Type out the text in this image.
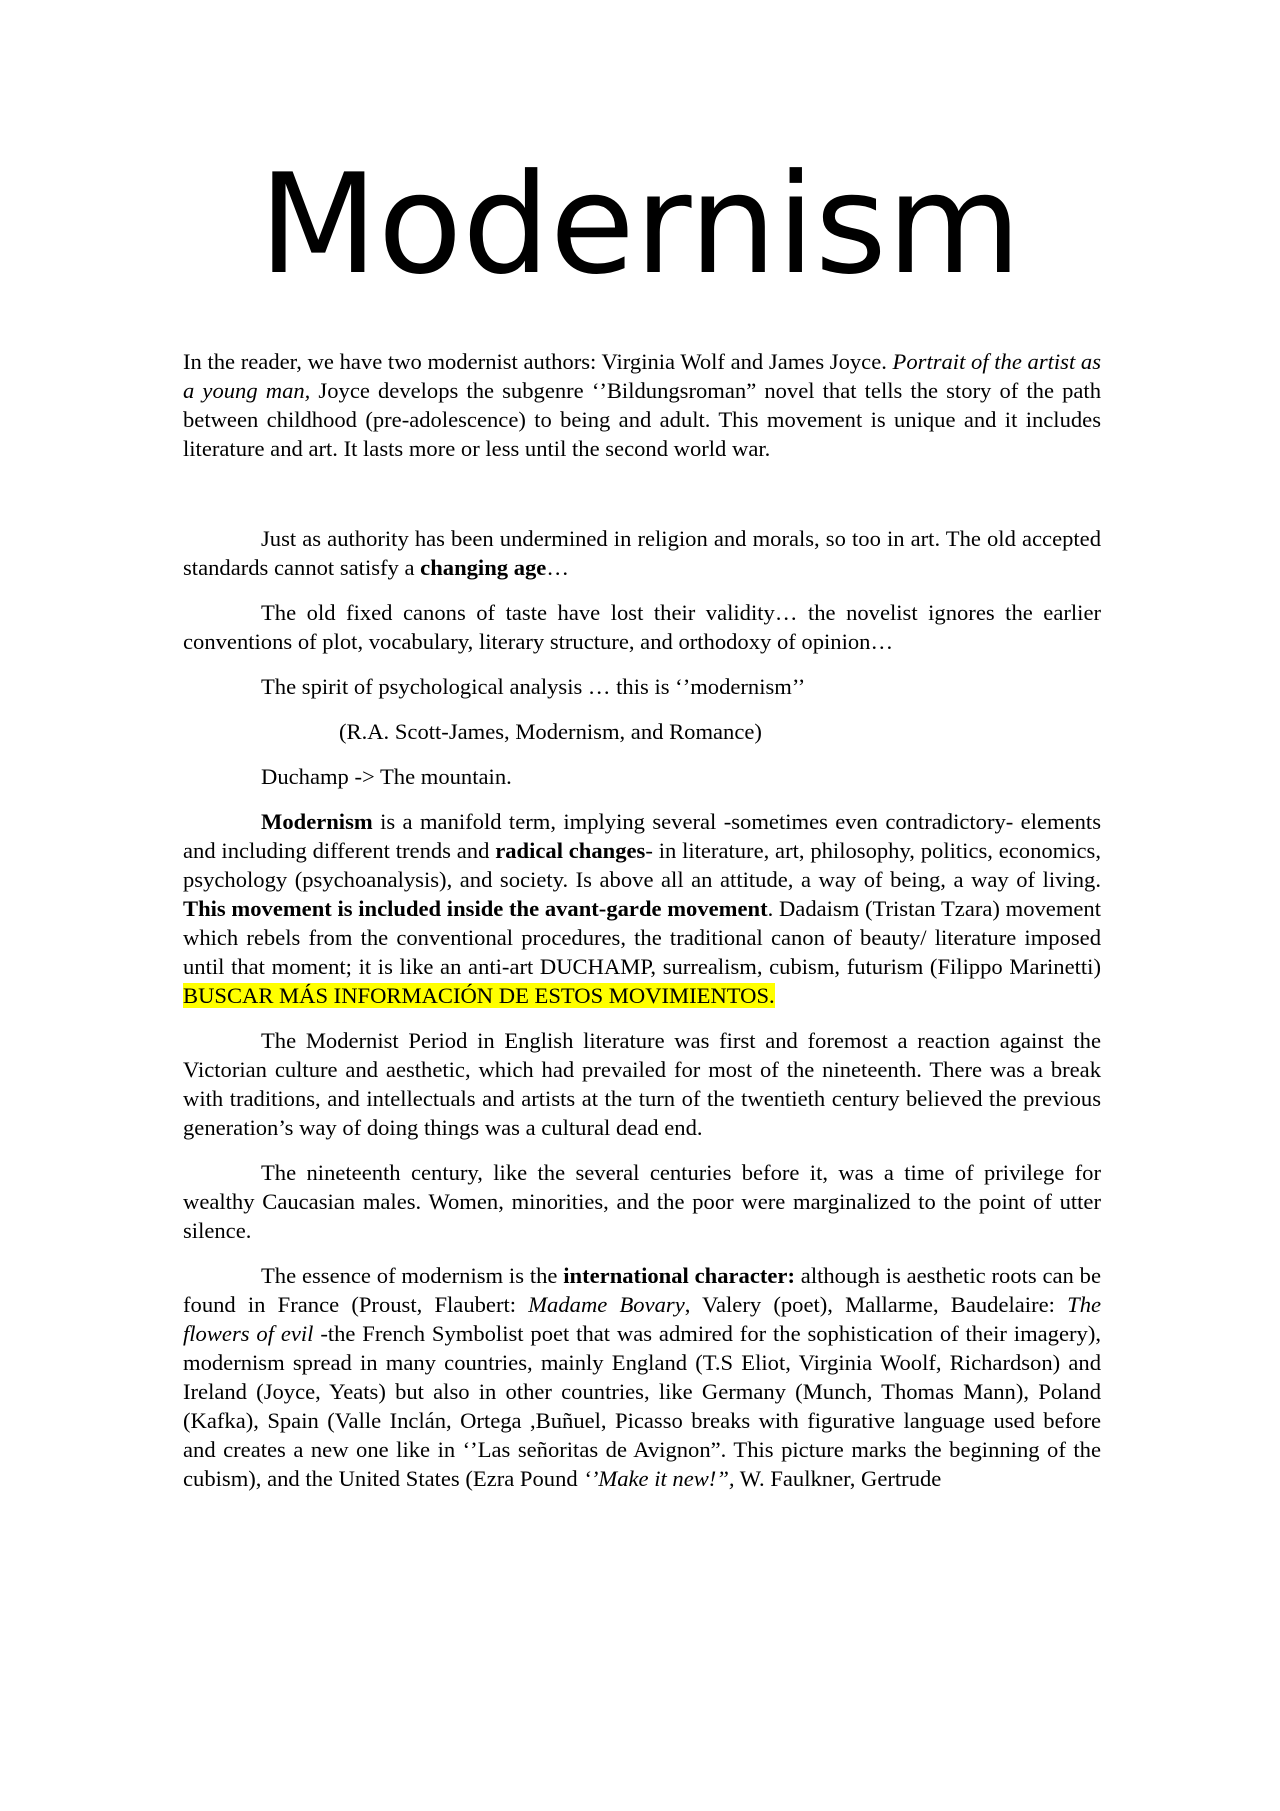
Modernism

In the reader, we have two modernist authors: Virginia Wolf and James Joyce. Portrait of the artist as a young man, Joyce develops the subgenre ‘’Bildungsroman” novel that tells the story of the path between childhood (pre-adolescence) to being and adult. This movement is unique and it includes literature and art. It lasts more or less until the second world war.

Just as authority has been undermined in religion and morals, so too in art. The old accepted standards cannot satisfy a changing age…

The old fixed canons of taste have lost their validity… the novelist ignores the earlier conventions of plot, vocabulary, literary structure, and orthodoxy of opinion…

The spirit of psychological analysis … this is ‘’modernism’’

(R.A. Scott-James, Modernism, and Romance)

Duchamp -> The mountain.

Modernism is a manifold term, implying several -sometimes even contradictory- elements and including different trends and radical changes- in literature, art, philosophy, politics, economics, psychology (psychoanalysis), and society. Is above all an attitude, a way of being, a way of living. This movement is included inside the avant-garde movement. Dadaism (Tristan Tzara) movement which rebels from the conventional procedures, the traditional canon of beauty/ literature imposed until that moment; it is like an anti-art DUCHAMP, surrealism, cubism, futurism (Filippo Marinetti) BUSCAR MÁS INFORMACIÓN DE ESTOS MOVIMIENTOS.

The Modernist Period in English literature was first and foremost a reaction against the Victorian culture and aesthetic, which had prevailed for most of the nineteenth. There was a break with traditions, and intellectuals and artists at the turn of the twentieth century believed the previous generation’s way of doing things was a cultural dead end.

The nineteenth century, like the several centuries before it, was a time of privilege for wealthy Caucasian males. Women, minorities, and the poor were marginalized to the point of utter silence.

The essence of modernism is the international character: although is aesthetic roots can be found in France (Proust, Flaubert: Madame Bovary, Valery (poet), Mallarme, Baudelaire: The flowers of evil -the French Symbolist poet that was admired for the sophistication of their imagery), modernism spread in many countries, mainly England (T.S Eliot, Virginia Woolf, Richardson) and Ireland (Joyce, Yeats) but also in other countries, like Germany (Munch, Thomas Mann), Poland (Kafka), Spain (Valle Inclán, Ortega ,Buñuel, Picasso breaks with figurative language used before and creates a new one like in ‘’Las señoritas de Avignon”. This picture marks the beginning of the cubism), and the United States (Ezra Pound ‘’Make it new!”, W. Faulkner, Gertrude
